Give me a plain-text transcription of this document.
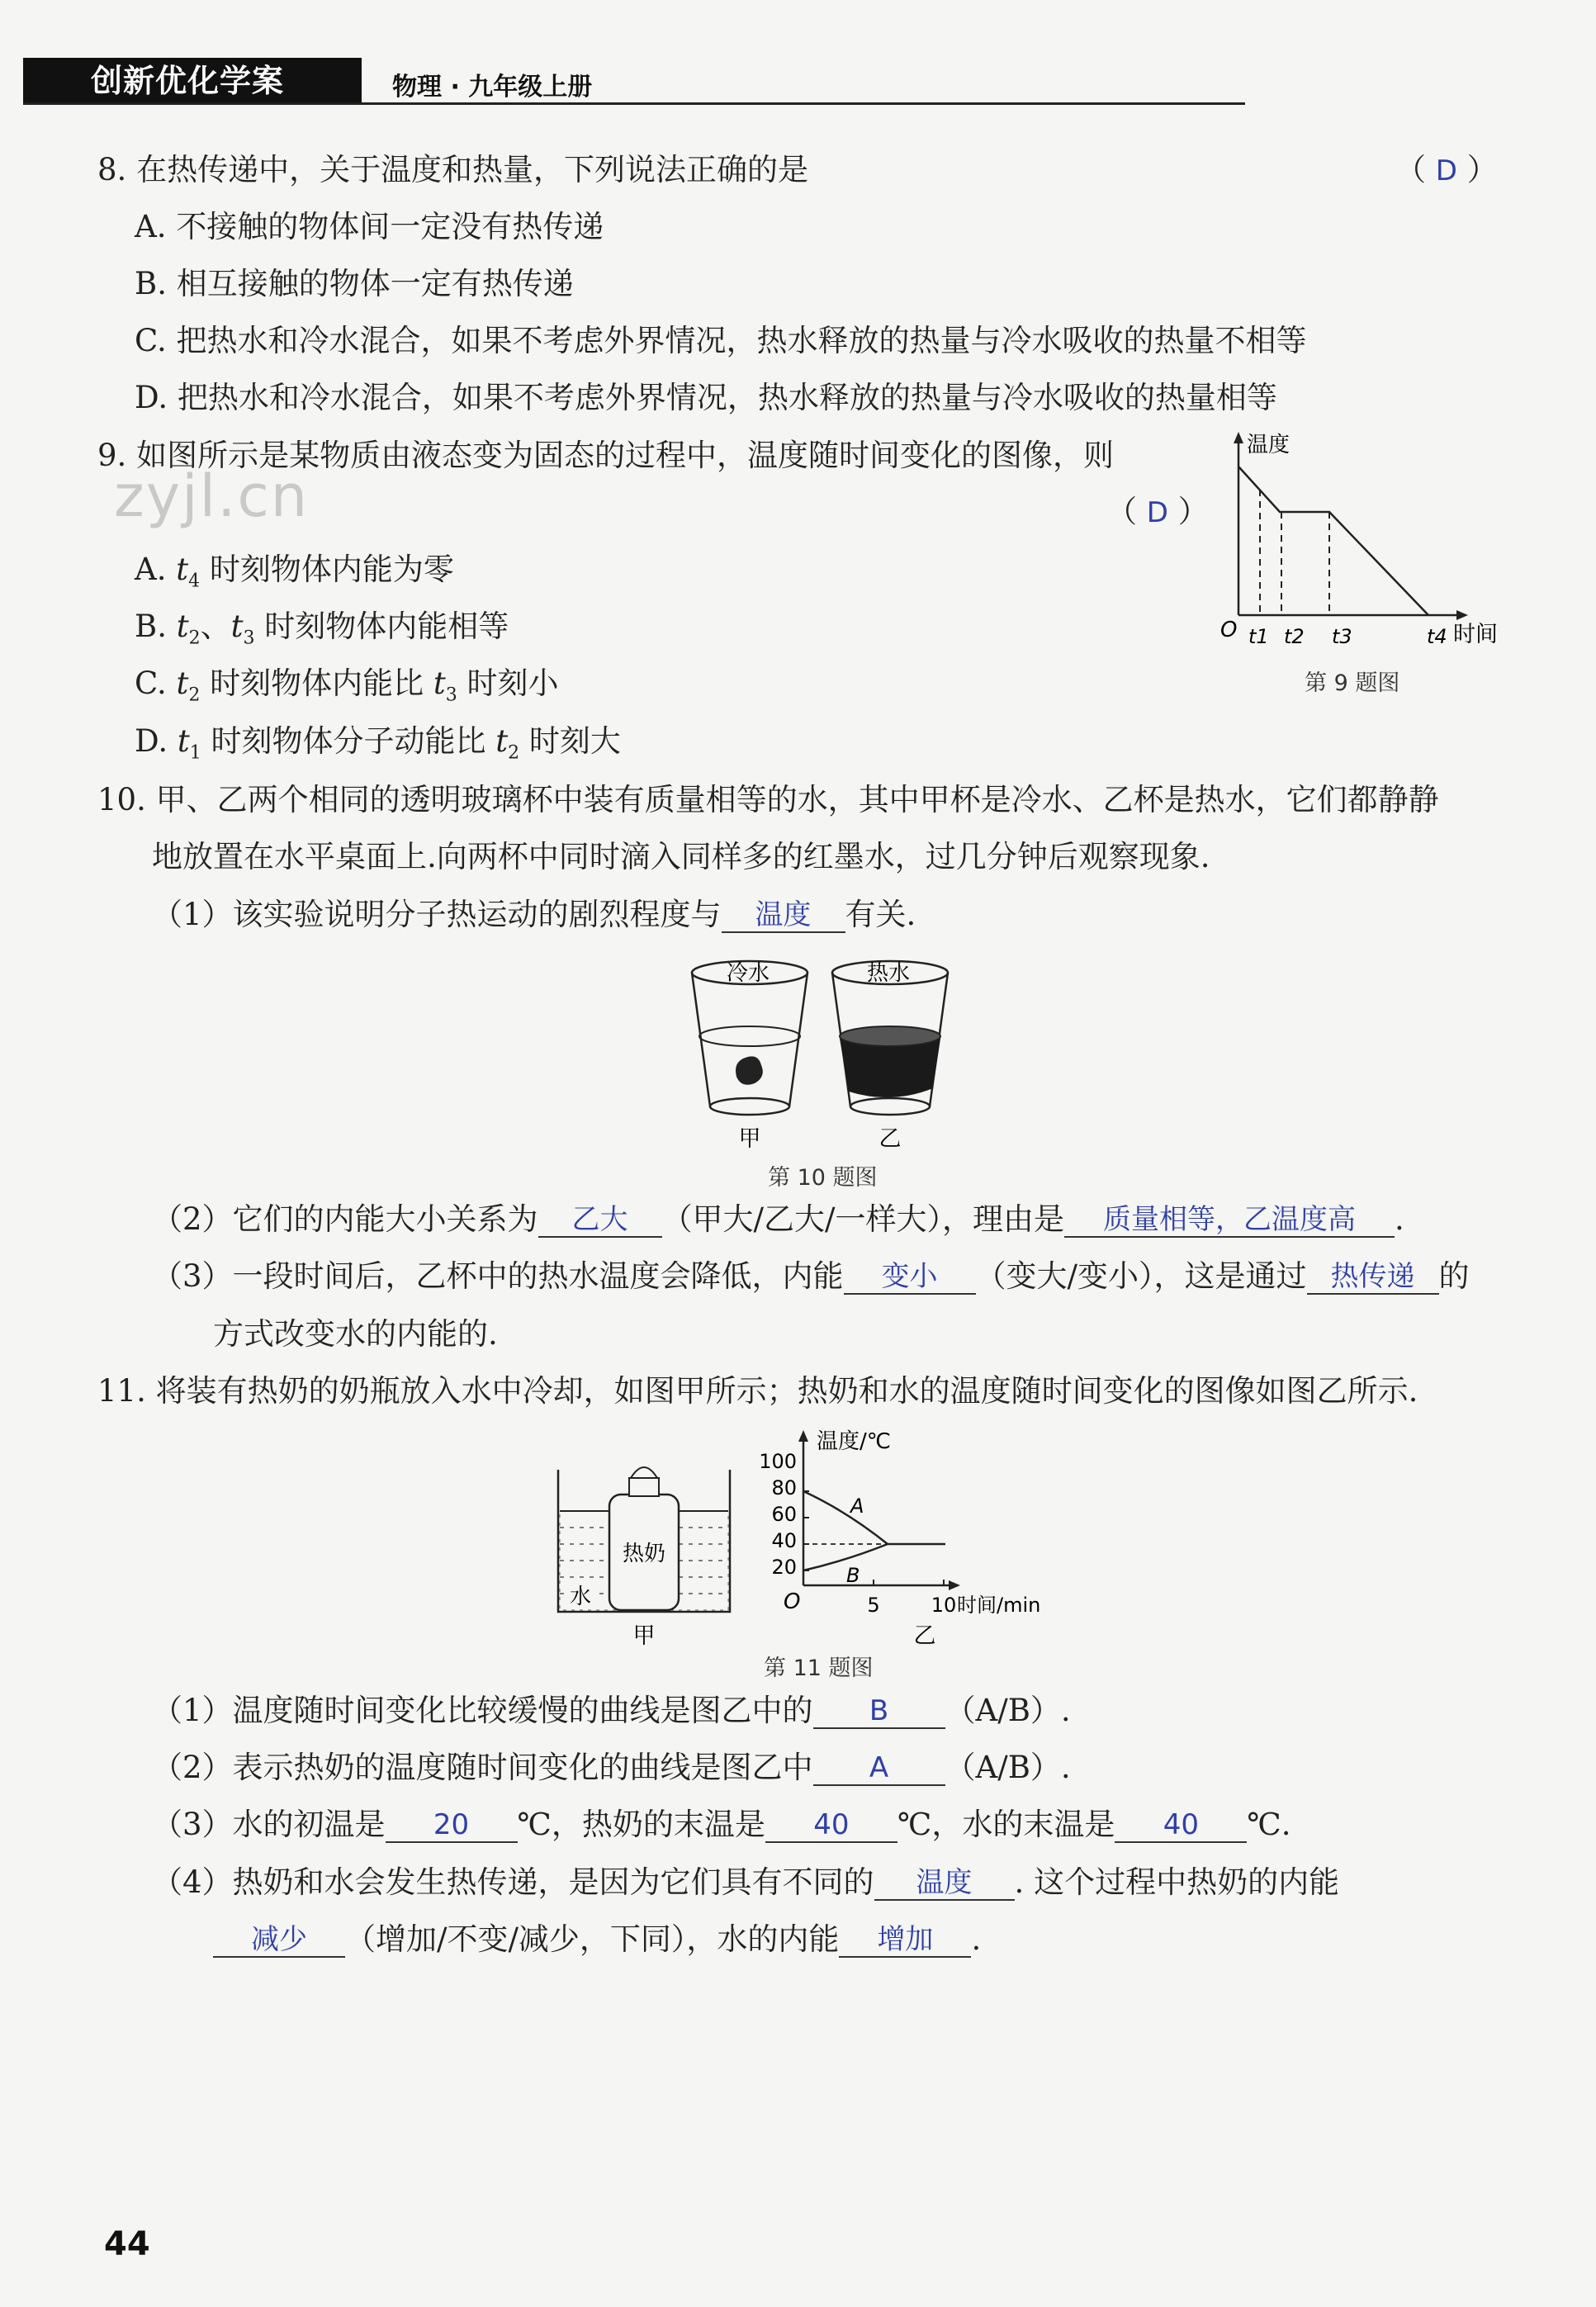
创新优化学案	物理 · 九年级上册
8. 在热传递中，关于温度和热量，下列说法正确的是	（ D ）
A. 不接触的物体间一定没有热传递
B. 相互接触的物体一定有热传递
C. 把热水和冷水混合，如果不考虑外界情况，热水释放的热量与冷水吸收的热量不相等
D. 把热水和冷水混合，如果不考虑外界情况，热水释放的热量与冷水吸收的热量相等
9. 如图所示是某物质由液态变为固态的过程中，温度随时间变化的图像，则
zyjl.cn	（ D ）
A. $t_4$ 时刻物体内能为零
B. $t_2$、$t_3$ 时刻物体内能相等
C. $t_2$ 时刻物体内能比 $t_3$ 时刻小
D. $t_1$ 时刻物体分子动能比 $t_2$ 时刻大
温度
O t1 t2 t3	t4 时间
第 9 题图
10. 甲、乙两个相同的透明玻璃杯中装有质量相等的水，其中甲杯是冷水、乙杯是热水，它们都静静
地放置在水平桌面上.向两杯中同时滴入同样多的红墨水，过几分钟后观察现象.
（1）该实验说明分子热运动的剧烈程度与 温度 有关.
冷水	热水
甲	乙
第 10 题图
（2）它们的内能大小关系为 乙大 （甲大/乙大/一样大），理由是 质量相等，乙温度高 .
（3）一段时间后，乙杯中的热水温度会降低，内能 变小 （变大/变小），这是通过 热传递 的
方式改变水的内能的.
11. 将装有热奶的奶瓶放入水中冷却，如图甲所示；热奶和水的温度随时间变化的图像如图乙所示.
热奶
水
甲
温度/℃
100
80
60
40
20
A
B
O	5	10 时间/min
乙
第 11 题图
（1）温度随时间变化比较缓慢的曲线是图乙中的 B （A/B）.
（2）表示热奶的温度随时间变化的曲线是图乙中 A （A/B）.
（3）水的初温是 20 ℃，热奶的末温是 40 ℃，水的末温是 40 ℃.
（4）热奶和水会发生热传递，是因为它们具有不同的 温度 . 这个过程中热奶的内能
减少 （增加/不变/减少，下同），水的内能 增加 .
44
